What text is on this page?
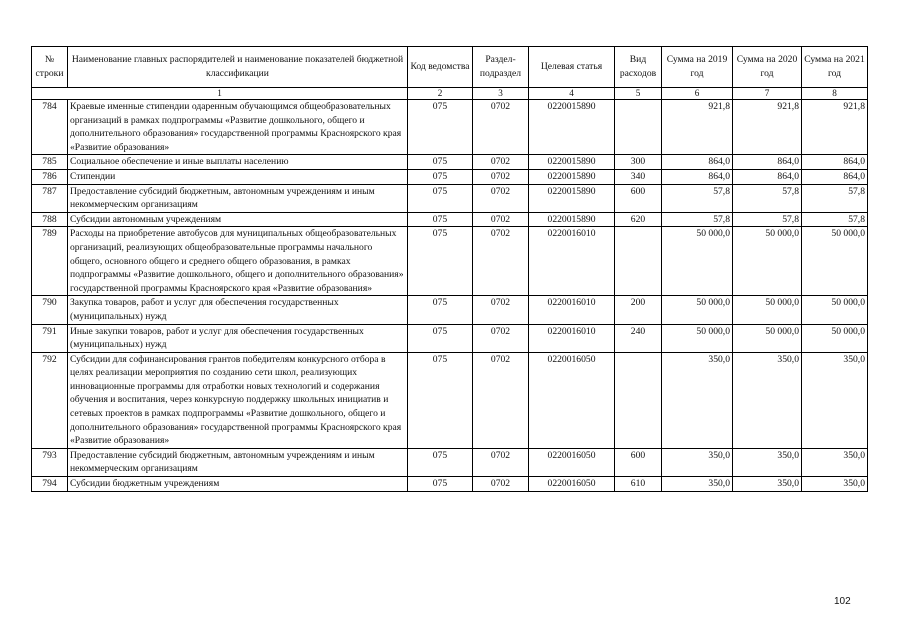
№ строки	Наименование главных распорядителей и наименование показателей бюджетной классификации	Код ведомства	Раздел-подраздел	Целевая статья	Вид расходов	Сумма на 2019 год	Сумма на 2020 год	Сумма на 2021 год
1		2	3	4	5	6	7	8
784	Краевые именные стипендии одаренным обучающимся общеобразовательных организаций в рамках подпрограммы «Развитие дошкольного, общего и дополнительного образования» государственной программы Красноярского края «Развитие образования»	075	0702	0220015890		921,8	921,8	921,8
785	Социальное обеспечение и иные выплаты населению	075	0702	0220015890	300	864,0	864,0	864,0
786	Стипендии	075	0702	0220015890	340	864,0	864,0	864,0
787	Предоставление субсидий бюджетным, автономным учреждениям и иным некоммерческим организациям	075	0702	0220015890	600	57,8	57,8	57,8
788	Субсидии автономным учреждениям	075	0702	0220015890	620	57,8	57,8	57,8
789	Расходы на приобретение автобусов для муниципальных общеобразовательных организаций, реализующих общеобразовательные программы начального общего, основного общего и среднего общего образования, в рамках подпрограммы «Развитие дошкольного, общего и дополнительного образования» государственной программы Красноярского края «Развитие образования»	075	0702	0220016010		50 000,0	50 000,0	50 000,0
790	Закупка товаров, работ и услуг для обеспечения государственных (муниципальных) нужд	075	0702	0220016010	200	50 000,0	50 000,0	50 000,0
791	Иные закупки товаров, работ и услуг для обеспечения государственных (муниципальных) нужд	075	0702	0220016010	240	50 000,0	50 000,0	50 000,0
792	Субсидии для софинансирования грантов победителям конкурсного отбора в целях реализации мероприятия по созданию сети школ, реализующих инновационные программы для отработки новых технологий и содержания обучения и воспитания, через конкурсную поддержку школьных инициатив и сетевых проектов в рамках подпрограммы «Развитие дошкольного, общего и дополнительного образования» государственной программы Красноярского края «Развитие образования»	075	0702	0220016050		350,0	350,0	350,0
793	Предоставление субсидий бюджетным, автономным учреждениям и иным некоммерческим организациям	075	0702	0220016050	600	350,0	350,0	350,0
794	Субсидии бюджетным учреждениям	075	0702	0220016050	610	350,0	350,0	350,0
102
